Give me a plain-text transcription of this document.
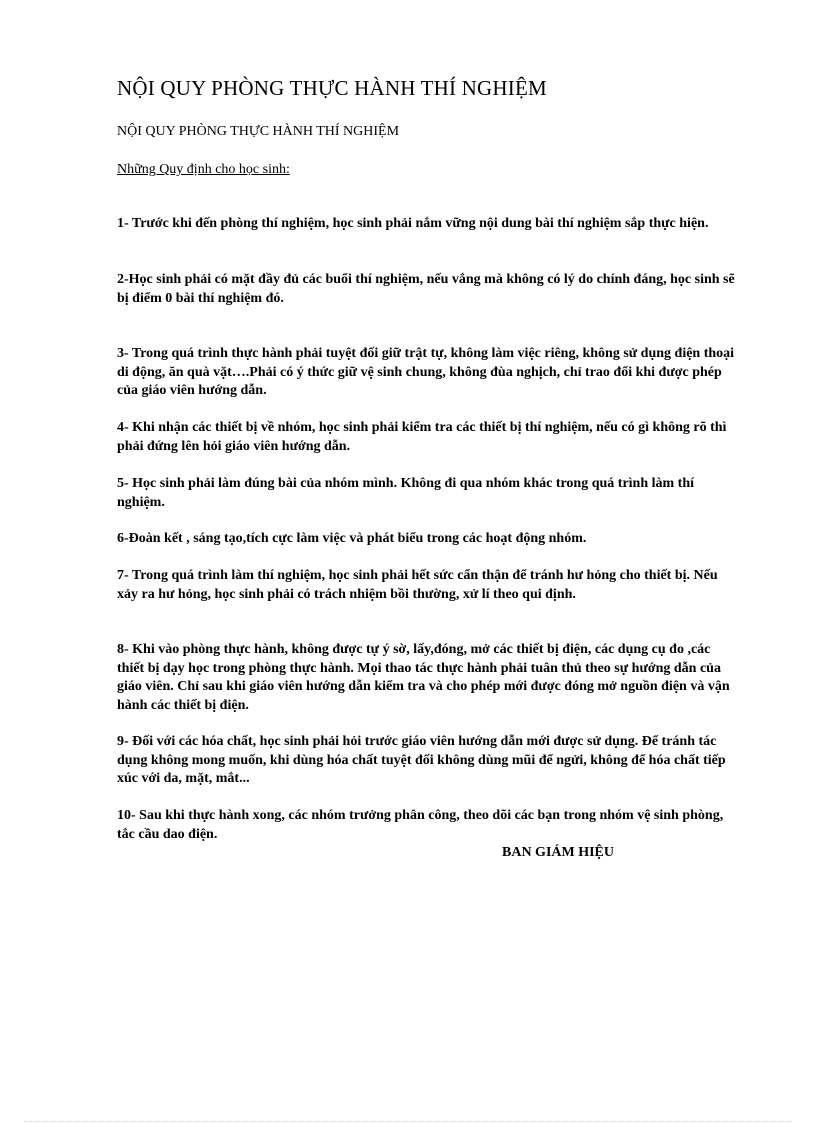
NỘI QUY PHÒNG THỰC HÀNH THÍ NGHIỆM

NỘI QUY PHÒNG THỰC HÀNH THÍ NGHIỆM

Những Quy định cho học sinh:

1- Trước khi đến phòng thí nghiệm, học sinh phải nắm vững nội dung bài thí nghiệm sắp thực hiện.

2-Học sinh phải có mặt đầy đủ các buổi thí nghiệm, nếu vắng mà không có lý do chính đáng, học sinh sẽ bị điểm 0 bài thí nghiệm đó.

3- Trong quá trình thực hành phải tuyệt đối giữ trật tự, không làm việc riêng, không sử dụng điện thoại di động, ăn quà vặt….Phải có ý thức giữ vệ sinh chung, không đùa nghịch, chỉ trao đổi khi được phép của giáo viên hướng dẫn.

4- Khi nhận các thiết bị về nhóm, học sinh phải kiểm tra các thiết bị thí nghiệm, nếu có gì không rõ thì phải đứng lên hỏi giáo viên hướng dẫn.

5- Học sinh phải làm đúng bài của nhóm mình. Không đi qua nhóm khác trong quá trình làm thí nghiệm.

6-Đoàn kết , sáng tạo,tích cực làm việc và phát biểu trong các hoạt động nhóm.

7- Trong quá trình làm thí nghiệm, học sinh phải hết sức cẩn thận để tránh hư hỏng cho thiết bị. Nếu xảy ra hư hỏng, học sinh phải có trách nhiệm bồi thường, xử lí theo qui định.

8- Khi vào phòng thực hành, không được tự ý sờ, lấy,đóng, mở các thiết bị điện, các dụng cụ đo ,các thiết bị dạy học trong phòng thực hành. Mọi thao tác thực hành phải tuân thủ theo sự hướng dẫn của giáo viên. Chỉ sau khi giáo viên hướng dẫn kiểm tra và cho phép mới được đóng mở nguồn điện và vận hành các thiết bị điện.

9- Đối với các hóa chất, học sinh phải hỏi trước giáo viên hướng dẫn mới được sử dụng. Để tránh tác dụng không mong muốn, khi dùng hóa chất tuyệt đối không dùng mũi để ngửi, không để hóa chất tiếp xúc với da, mặt, mắt...

10- Sau khi thực hành xong, các nhóm trưởng phân công, theo dõi các bạn trong nhóm vệ sinh phòng, tắc cầu dao điện.

BAN GIÁM HIỆU
